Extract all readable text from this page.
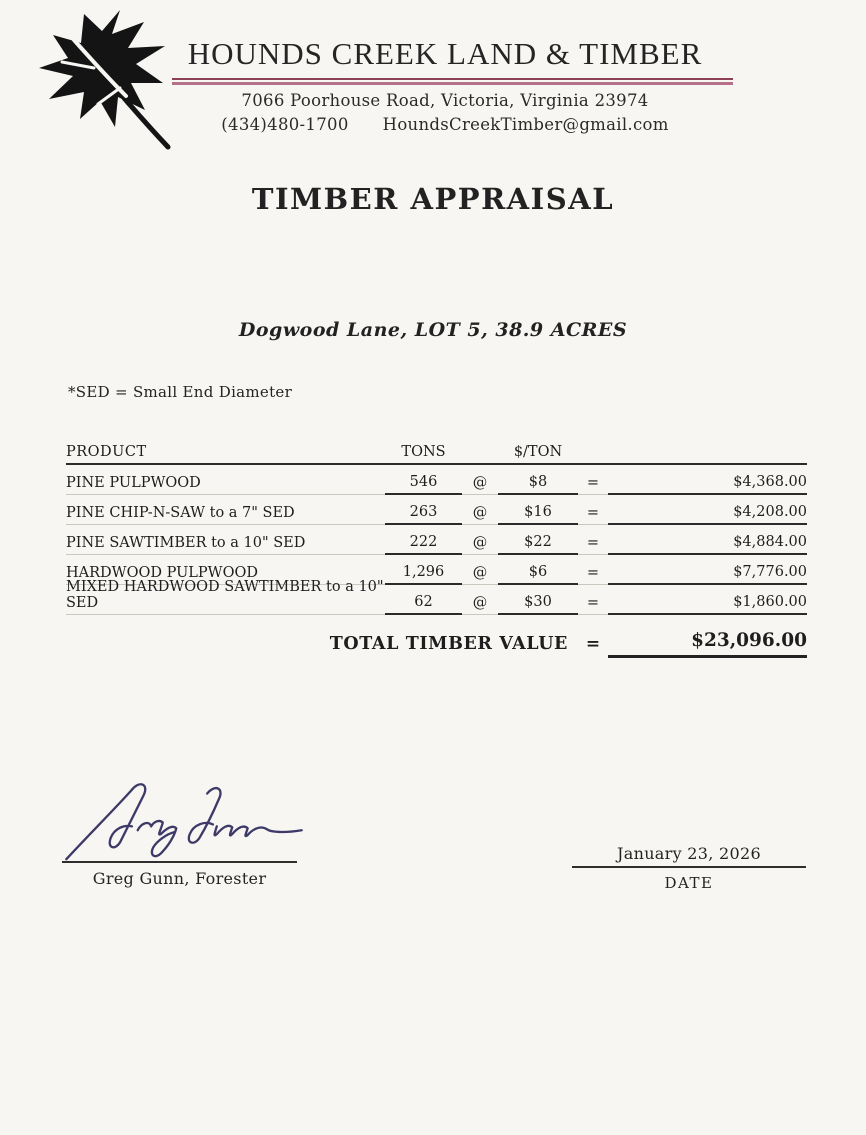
HOUNDS CREEK LAND & TIMBER
7066 Poorhouse Road, Victoria, Virginia 23974
(434)480-1700 HoundsCreekTimber@gmail.com
TIMBER APPRAISAL
Dogwood Lane, LOT 5, 38.9 ACRES
*SED = Small End Diameter
PRODUCT	TONS	$/TON
PINE PULPWOOD	546	@	$8	=	$4,368.00
PINE CHIP-N-SAW to a 7" SED	263	@	$16	=	$4,208.00
PINE SAWTIMBER to a 10" SED	222	@	$22	=	$4,884.00
HARDWOOD PULPWOOD	1,296	@	$6	=	$7,776.00
MIXED HARDWOOD SAWTIMBER to a 10" SED	62	@	$30	=	$1,860.00
TOTAL TIMBER VALUE	=	$23,096.00
Greg Gunn, Forester
January 23, 2026
DATE
